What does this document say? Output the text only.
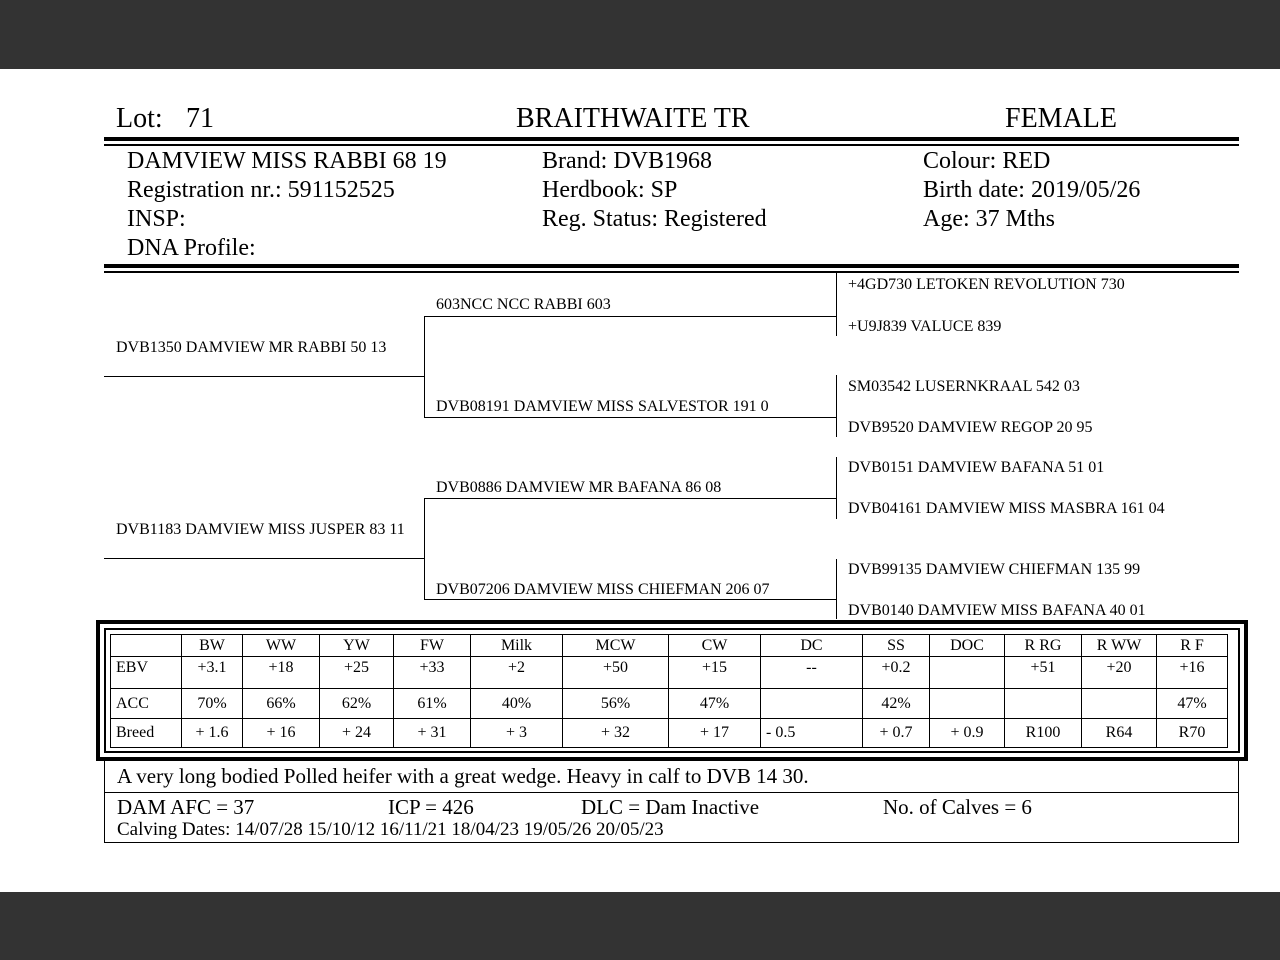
Lot: 71	BRAITHWAITE TR	FEMALE
DAMVIEW MISS RABBI 68 19
Registration nr.: 591152525
INSP:
DNA Profile:
Brand: DVB1968
Herdbook: SP
Reg. Status: Registered
Colour: RED
Birth date: 2019/05/26
Age: 37 Mths
DVB1350 DAMVIEW MR RABBI 50 13
603NCC NCC RABBI 603
DVB08191 DAMVIEW MISS SALVESTOR 191 0
DVB1183 DAMVIEW MISS JUSPER 83 11
DVB0886 DAMVIEW MR BAFANA 86 08
DVB07206 DAMVIEW MISS CHIEFMAN 206 07
+4GD730 LETOKEN REVOLUTION 730
+U9J839 VALUCE 839
SM03542 LUSERNKRAAL 542 03
DVB9520 DAMVIEW REGOP 20 95
DVB0151 DAMVIEW BAFANA 51 01
DVB04161 DAMVIEW MISS MASBRA 161 04
DVB99135 DAMVIEW CHIEFMAN 135 99
DVB0140 DAMVIEW MISS BAFANA 40 01
	BW	WW	YW	FW	Milk	MCW	CW	DC	SS	DOC	R RG	R WW	R F
EBV	+3.1	+18	+25	+33	+2	+50	+15	--	+0.2		+51	+20	+16
ACC	70%	66%	62%	61%	40%	56%	47%		42%				47%
Breed	+ 1.6	+ 16	+ 24	+ 31	+ 3	+ 32	+ 17	- 0.5	+ 0.7	+ 0.9	R100	R64	R70
A very long bodied Polled heifer with a great wedge. Heavy in calf to DVB 14 30.
DAM AFC = 37	ICP = 426	DLC = Dam Inactive	No. of Calves = 6
Calving Dates: 14/07/28 15/10/12 16/11/21 18/04/23 19/05/26 20/05/23
